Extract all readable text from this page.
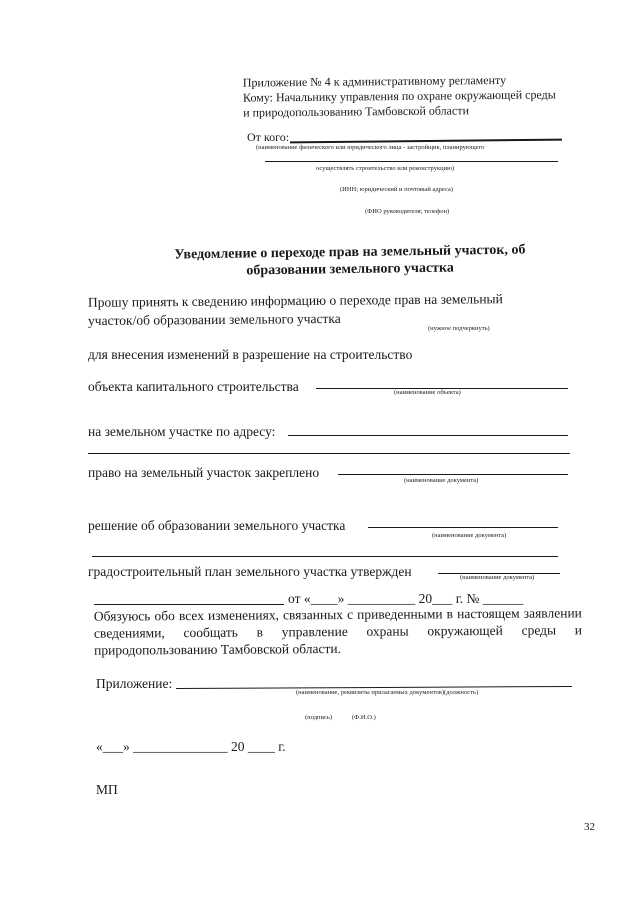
Приложение № 4 к административному регламенту
Кому: Начальнику управления по охране окружающей среды
и природопользованию Тамбовской области
От кого:
(наименование физического или юридического лица - застройщик, планирующего
осуществлять строительство или реконструкцию)
(ИНН; юридический и почтовый адреса)
(ФИО руководителя; телефон)
Уведомление о переходе прав на земельный участок, об
образовании земельного участка
Прошу принять к сведению информацию о переходе прав на земельный
участок/об образовании земельного участка
(нужное подчеркнуть)
для внесения изменений в разрешение на строительство
объекта капитального строительства	(наименование объекта)
на земельном участке по адресу:
право на земельный участок закреплено
(наименование документа)
решение об образовании земельного участка
(наименование документа)
градостроительный план земельного участка утвержден	(наименование документа)
от «____» __________ 20___ г. № ______
Обязуюсь обо всех изменениях, связанных с приведенными в настоящем заявлении сведениями, сообщать в управление охраны окружающей среды и природопользованию Тамбовской области.
Приложение:
(наименование, реквизиты прилагаемых документов)(должность)
(подпись)	(Ф.И.О.)
«___» ______________ 20 ____ г.
МП
32
